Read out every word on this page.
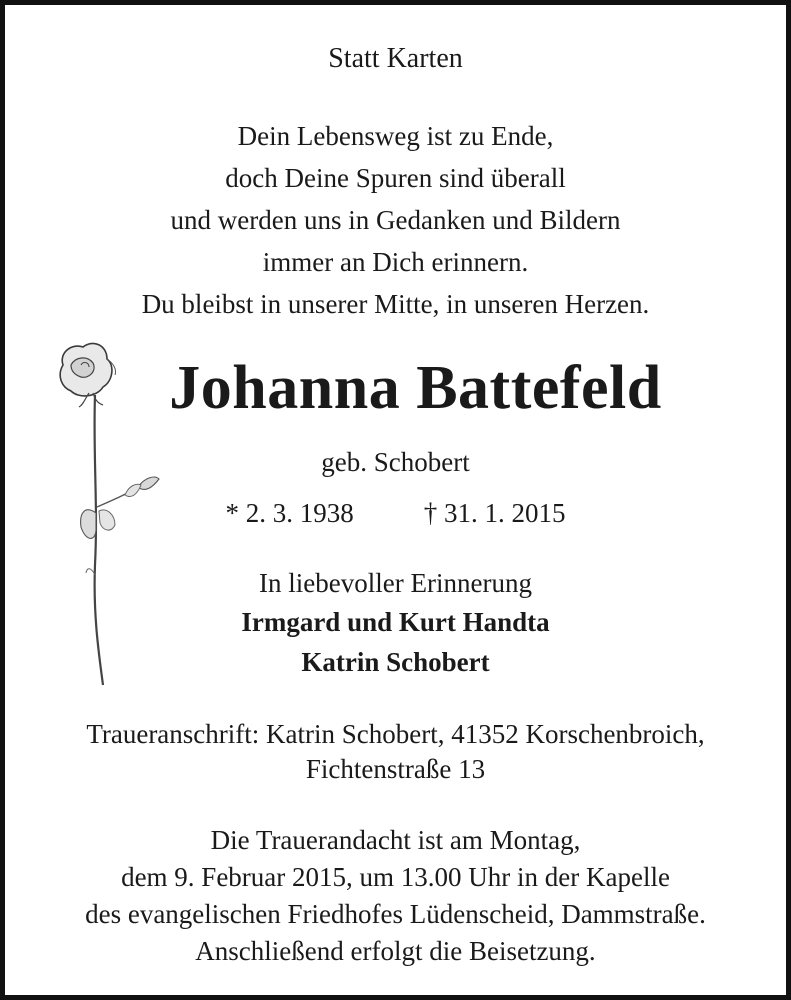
Statt Karten
Dein Lebensweg ist zu Ende,
doch Deine Spuren sind überall
und werden uns in Gedanken und Bildern
immer an Dich erinnern.
Du bleibst in unserer Mitte, in unseren Herzen.
Johanna Battefeld
geb. Schobert
* 2. 3. 1938	† 31. 1. 2015
In liebevoller Erinnerung
Irmgard und Kurt Handta
Katrin Schobert
Traueranschrift: Katrin Schobert, 41352 Korschenbroich,
Fichtenstraße 13
Die Trauerandacht ist am Montag,
dem 9. Februar 2015, um 13.00 Uhr in der Kapelle
des evangelischen Friedhofes Lüdenscheid, Dammstraße.
Anschließend erfolgt die Beisetzung.
